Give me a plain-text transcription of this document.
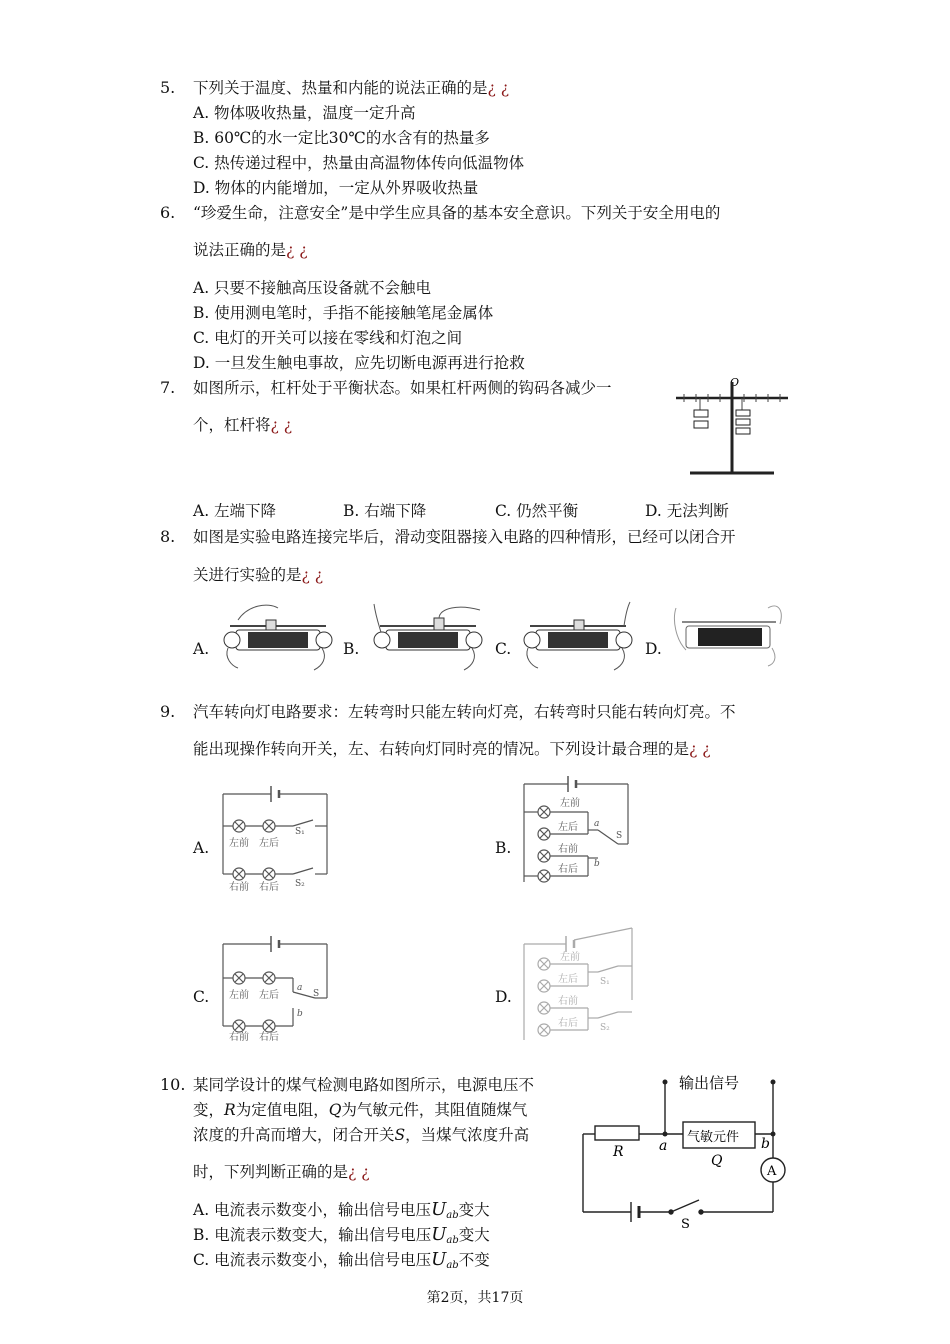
5. 下列关于温度、热量和内能的说法正确的是¿ ¿
A. 物体吸收热量，温度一定升高
B. 60℃的水一定比30℃的水含有的热量多
C. 热传递过程中，热量由高温物体传向低温物体
D. 物体的内能增加，一定从外界吸收热量
6. “珍爱生命，注意安全”是中学生应具备的基本安全意识。下列关于安全用电的
说法正确的是¿ ¿
A. 只要不接触高压设备就不会触电
B. 使用测电笔时，手指不能接触笔尾金属体
C. 电灯的开关可以接在零线和灯泡之间
D. 一旦发生触电事故，应先切断电源再进行抢救
7. 如图所示，杠杆处于平衡状态。如果杠杆两侧的钩码各减少一
个，杠杆将¿ ¿
O
A. 左端下降	B. 右端下降	C. 仍然平衡	D. 无法判断
8. 如图是实验电路连接完毕后，滑动变阻器接入电路的四种情形，已经可以闭合开
关进行实验的是¿ ¿
A.	B.	C.	D.
9. 汽车转向灯电路要求：左转弯时只能左转向灯亮，右转弯时只能右转向灯亮。不
能出现操作转向开关，左、右转向灯同时亮的情况。下列设计最合理的是¿ ¿
A.	B.
C.	D.
左前 左后
右前 右后
S₁
S₂
左前
左后
右前
右后
a
b
S
左前 左后
右前 右后
a
b
S
左前
左后
右前
右后
S₁
S₂
10. 某同学设计的煤气检测电路如图所示，电源电压不
变，R为定值电阻，Q为气敏元件，其阻值随煤气
浓度的升高而增大，闭合开关S，当煤气浓度升高
时，下列判断正确的是¿ ¿
A. 电流表示数变小，输出信号电压$U_{ab}$变大
B. 电流表示数变大，输出信号电压$U_{ab}$变大
C. 电流表示数变小，输出信号电压$U_{ab}$不变
输出信号
气敏元件
R	a	b
Q
A
S
第2页，共17页
